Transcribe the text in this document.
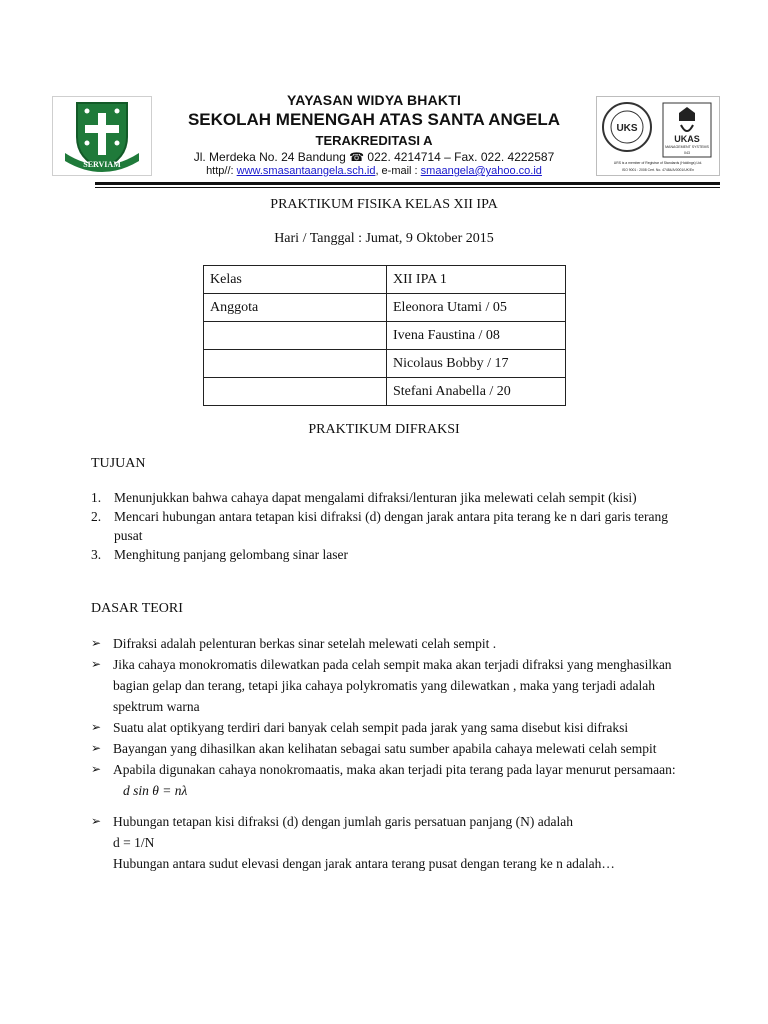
SERVIAM
YAYASAN WIDYA BHAKTI
SEKOLAH MENENGAH ATAS SANTA ANGELA
TERAKREDITASI A
Jl. Merdeka No. 24 Bandung ☎ 022. 4214714 – Fax. 022. 4222587
http//: www.smasantaangela.sch.id, e-mail : smaangela@yahoo.co.id
UKS
UKAS
MANAGEMENT SYSTEMS
043
URS is a member of Registrar of Standards (Holdings) Ltd.
ISO 9001 : 2008 Cert. No. 47484/A/0001/UK/En
PRAKTIKUM FISIKA KELAS XII IPA
Hari / Tanggal : Jumat, 9 Oktober 2015
Kelas	XII IPA 1
Anggota	Eleonora Utami / 05
	Ivena Faustina / 08
	Nicolaus Bobby / 17
	Stefani Anabella / 20
PRAKTIKUM DIFRAKSI
TUJUAN
1. Menunjukkan bahwa cahaya dapat mengalami difraksi/lenturan jika melewati celah sempit (kisi)
2. Mencari hubungan antara tetapan kisi difraksi (d) dengan jarak antara pita terang ke n dari garis terang pusat
3. Menghitung panjang gelombang sinar laser
DASAR TEORI
➢ Difraksi adalah pelenturan berkas sinar setelah melewati celah sempit .
➢ Jika cahaya monokromatis dilewatkan pada celah sempit maka akan terjadi difraksi yang menghasilkan bagian gelap dan terang, tetapi jika cahaya polykromatis yang dilewatkan , maka yang terjadi adalah spektrum warna
➢ Suatu alat optikyang terdiri dari banyak celah sempit pada jarak yang sama disebut kisi difraksi
➢ Bayangan yang dihasilkan akan kelihatan sebagai satu sumber apabila cahaya melewati celah sempit
➢ Apabila digunakan cahaya nonokromaatis, maka akan terjadi pita terang pada layar menurut persamaan:
d sin θ = nλ
➢ Hubungan tetapan kisi difraksi (d) dengan jumlah garis persatuan panjang (N) adalah
d = 1/N
Hubungan antara sudut elevasi dengan jarak antara terang pusat dengan terang ke n adalah…
